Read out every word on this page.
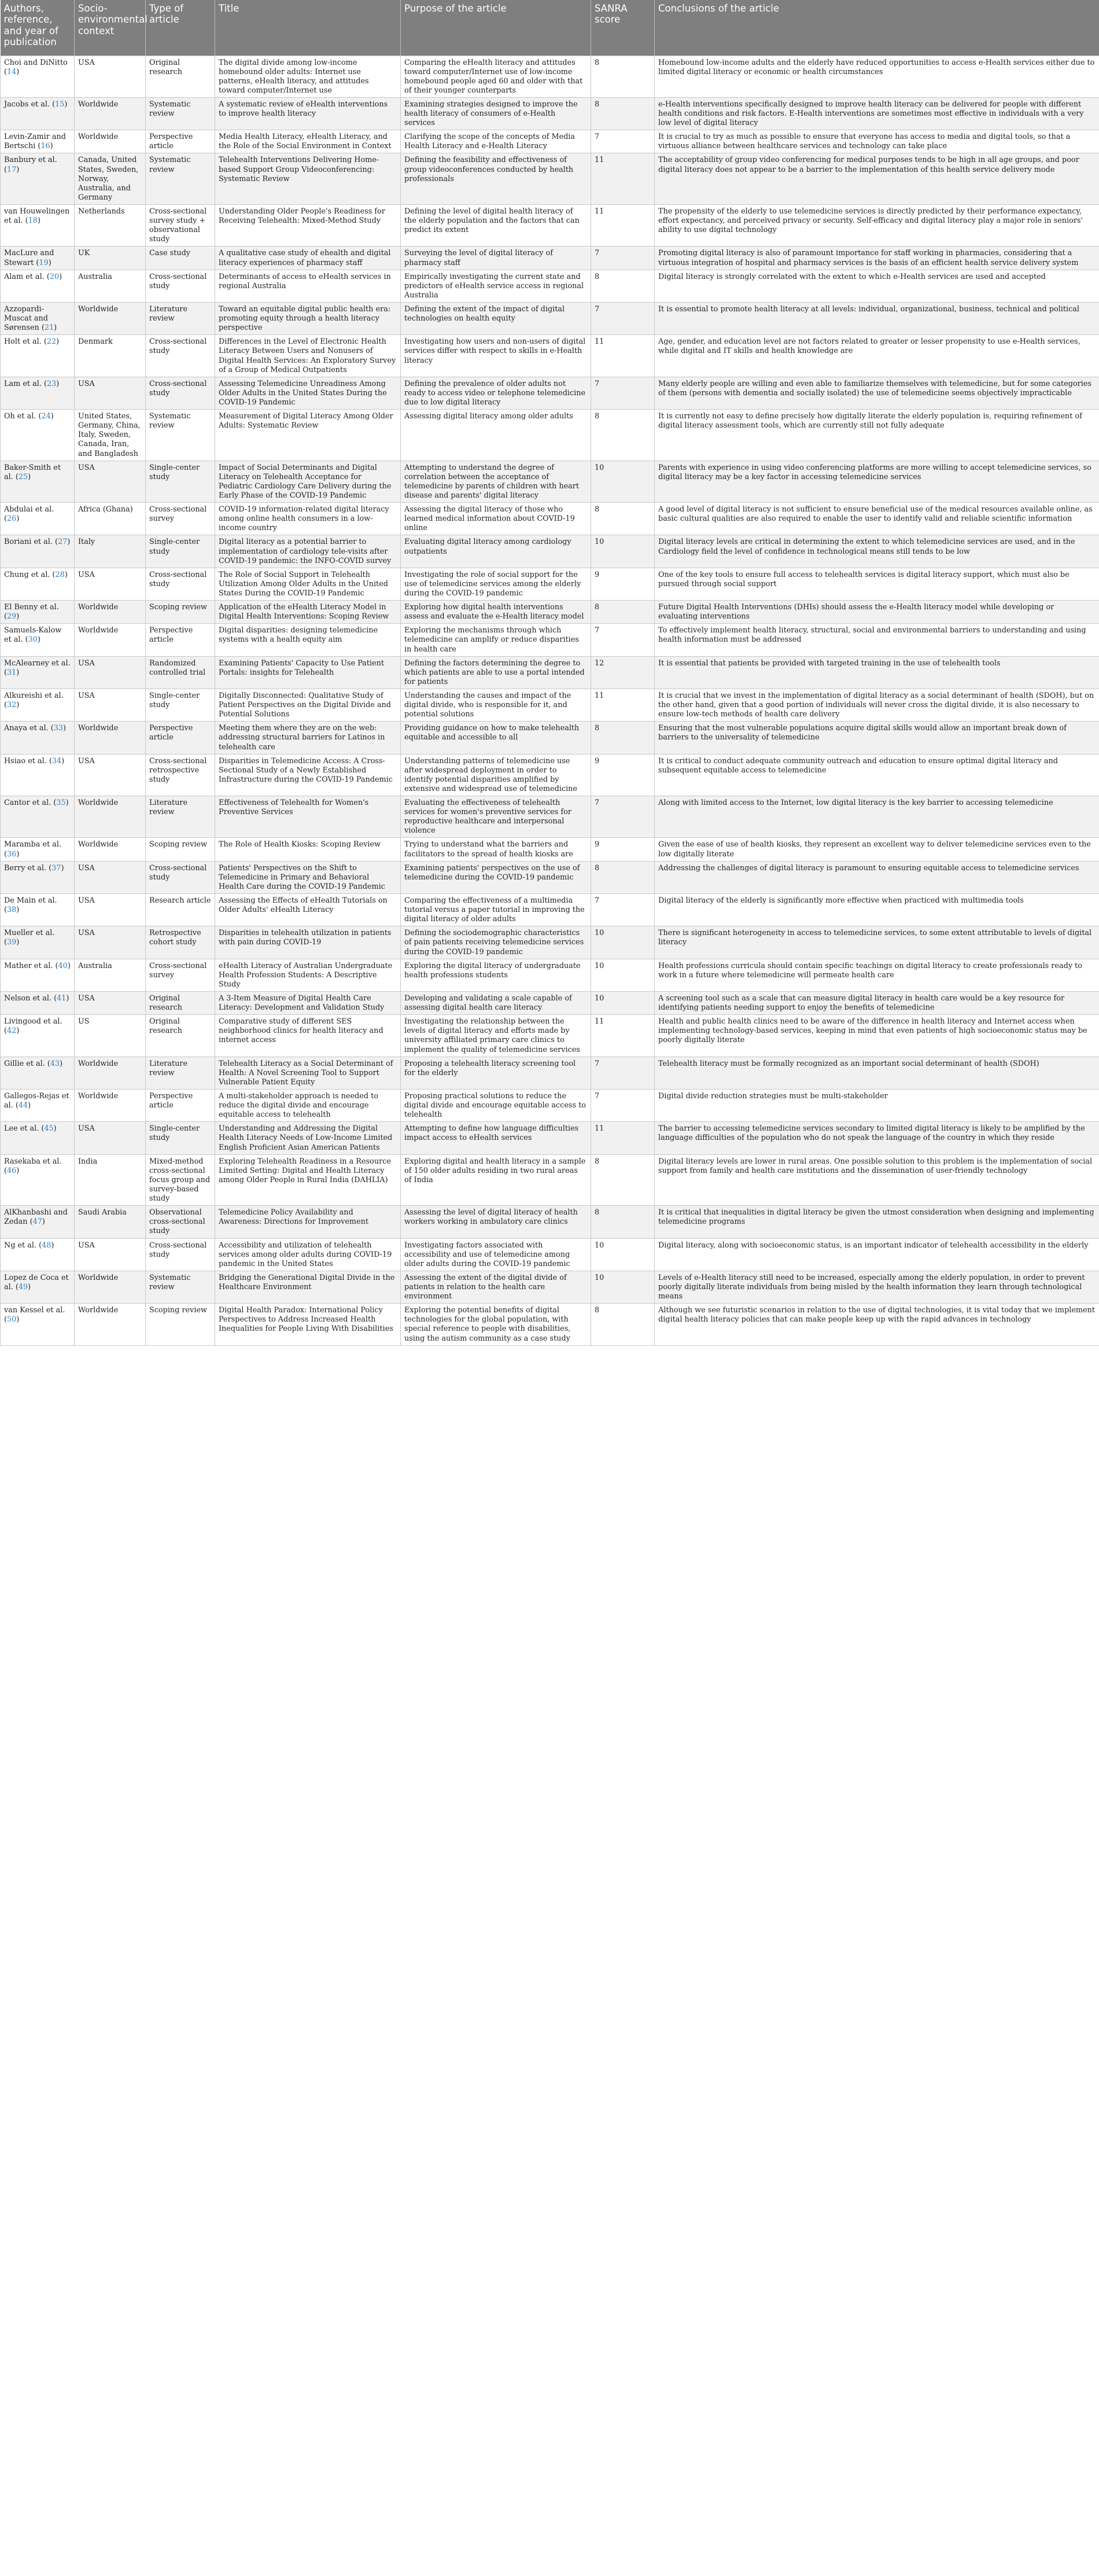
Authors, reference, and year of publication	Socio-environmental context	Type of article	Title	Purpose of the article	SANRA score	Conclusions of the article
Choi and DiNitto (14)	USA	Original research	The digital divide among low-income homebound older adults: Internet use patterns, eHealth literacy, and attitudes toward computer/Internet use	Comparing the eHealth literacy and attitudes toward computer/Internet use of low-income homebound people aged 60 and older with that of their younger counterparts	8	Homebound low-income adults and the elderly have reduced opportunities to access e-Health services either due to limited digital literacy or economic or health circumstances
Jacobs et al. (15)	Worldwide	Systematic review	A systematic review of eHealth interventions to improve health literacy	Examining strategies designed to improve the health literacy of consumers of e-Health services	8	e-Health interventions specifically designed to improve health literacy can be delivered for people with different health conditions and risk factors. E-Health interventions are sometimes most effective in individuals with a very low level of digital literacy
Levin-Zamir and Bertschi (16)	Worldwide	Perspective article	Media Health Literacy, eHealth Literacy, and the Role of the Social Environment in Context	Clarifying the scope of the concepts of Media Health Literacy and e-Health Literacy	7	It is crucial to try as much as possible to ensure that everyone has access to media and digital tools, so that a virtuous alliance between healthcare services and technology can take place
Banbury et al. (17)	Canada, United States, Sweden, Norway, Australia, and Germany	Systematic review	Telehealth Interventions Delivering Home-based Support Group Videoconferencing: Systematic Review	Defining the feasibility and effectiveness of group videoconferences conducted by health professionals	11	The acceptability of group video conferencing for medical purposes tends to be high in all age groups, and poor digital literacy does not appear to be a barrier to the implementation of this health service delivery mode
van Houwelingen et al. (18)	Netherlands	Cross-sectional survey study + observational study	Understanding Older People's Readiness for Receiving Telehealth: Mixed-Method Study	Defining the level of digital health literacy of the elderly population and the factors that can predict its extent	11	The propensity of the elderly to use telemedicine services is directly predicted by their performance expectancy, effort expectancy, and perceived privacy or security. Self-efficacy and digital literacy play a major role in seniors' ability to use digital technology
MacLure and Stewart (19)	UK	Case study	A qualitative case study of ehealth and digital literacy experiences of pharmacy staff	Surveying the level of digital literacy of pharmacy staff	7	Promoting digital literacy is also of paramount importance for staff working in pharmacies, considering that a virtuous integration of hospital and pharmacy services is the basis of an efficient health service delivery system
Alam et al. (20)	Australia	Cross-sectional study	Determinants of access to eHealth services in regional Australia	Empirically investigating the current state and predictors of eHealth service access in regional Australia	8	Digital literacy is strongly correlated with the extent to which e-Health services are used and accepted
Azzopardi-Muscat and Sørensen (21)	Worldwide	Literature review	Toward an equitable digital public health era: promoting equity through a health literacy perspective	Defining the extent of the impact of digital technologies on health equity	7	It is essential to promote health literacy at all levels: individual, organizational, business, technical and political
Holt et al. (22)	Denmark	Cross-sectional study	Differences in the Level of Electronic Health Literacy Between Users and Nonusers of Digital Health Services: An Exploratory Survey of a Group of Medical Outpatients	Investigating how users and non-users of digital services differ with respect to skills in e-Health literacy	11	Age, gender, and education level are not factors related to greater or lesser propensity to use e-Health services, while digital and IT skills and health knowledge are
Lam et al. (23)	USA	Cross-sectional study	Assessing Telemedicine Unreadiness Among Older Adults in the United States During the COVID-19 Pandemic	Defining the prevalence of older adults not ready to access video or telephone telemedicine due to low digital literacy	7	Many elderly people are willing and even able to familiarize themselves with telemedicine, but for some categories of them (persons with dementia and socially isolated) the use of telemedicine seems objectively impracticable
Oh et al. (24)	United States, Germany, China, Italy, Sweden, Canada, Iran, and Bangladesh	Systematic review	Measurement of Digital Literacy Among Older Adults: Systematic Review	Assessing digital literacy among older adults	8	It is currently not easy to define precisely how digitally literate the elderly population is, requiring refinement of digital literacy assessment tools, which are currently still not fully adequate
Baker-Smith et al. (25)	USA	Single-center study	Impact of Social Determinants and Digital Literacy on Telehealth Acceptance for Pediatric Cardiology Care Delivery during the Early Phase of the COVID-19 Pandemic	Attempting to understand the degree of correlation between the acceptance of telemedicine by parents of children with heart disease and parents' digital literacy	10	Parents with experience in using video conferencing platforms are more willing to accept telemedicine services, so digital literacy may be a key factor in accessing telemedicine services
Abdulai et al. (26)	Africa (Ghana)	Cross-sectional survey	COVID-19 information-related digital literacy among online health consumers in a low-income country	Assessing the digital literacy of those who learned medical information about COVID-19 online	8	A good level of digital literacy is not sufficient to ensure beneficial use of the medical resources available online, as basic cultural qualities are also required to enable the user to identify valid and reliable scientific information
Boriani et al. (27)	Italy	Single-center study	Digital literacy as a potential barrier to implementation of cardiology tele-visits after COVID-19 pandemic: the INFO-COVID survey	Evaluating digital literacy among cardiology outpatients	10	Digital literacy levels are critical in determining the extent to which telemedicine services are used, and in the Cardiology field the level of confidence in technological means still tends to be low
Chung et al. (28)	USA	Cross-sectional study	The Role of Social Support in Telehealth Utilization Among Older Adults in the United States During the COVID-19 Pandemic	Investigating the role of social support for the use of telemedicine services among the elderly during the COVID-19 pandemic	9	One of the key tools to ensure full access to telehealth services is digital literacy support, which must also be pursued through social support
El Benny et al. (29)	Worldwide	Scoping review	Application of the eHealth Literacy Model in Digital Health Interventions: Scoping Review	Exploring how digital health interventions assess and evaluate the e-Health literacy model	8	Future Digital Health Interventions (DHIs) should assess the e-Health literacy model while developing or evaluating interventions
Samuels-Kalow et al. (30)	Worldwide	Perspective article	Digital disparities: designing telemedicine systems with a health equity aim	Exploring the mechanisms through which telemedicine can amplify or reduce disparities in health care	7	To effectively implement health literacy, structural, social and environmental barriers to understanding and using health information must be addressed
McAlearney et al. (31)	USA	Randomized controlled trial	Examining Patients' Capacity to Use Patient Portals: insights for Telehealth	Defining the factors determining the degree to which patients are able to use a portal intended for patients	12	It is essential that patients be provided with targeted training in the use of telehealth tools
Alkureishi et al. (32)	USA	Single-center study	Digitally Disconnected: Qualitative Study of Patient Perspectives on the Digital Divide and Potential Solutions	Understanding the causes and impact of the digital divide, who is responsible for it, and potential solutions	11	It is crucial that we invest in the implementation of digital literacy as a social determinant of health (SDOH), but on the other hand, given that a good portion of individuals will never cross the digital divide, it is also necessary to ensure low-tech methods of health care delivery
Anaya et al. (33)	Worldwide	Perspective article	Meeting them where they are on the web: addressing structural barriers for Latinos in telehealth care	Providing guidance on how to make telehealth equitable and accessible to all	8	Ensuring that the most vulnerable populations acquire digital skills would allow an important break down of barriers to the universality of telemedicine
Hsiao et al. (34)	USA	Cross-sectional retrospective study	Disparities in Telemedicine Access: A Cross-Sectional Study of a Newly Established Infrastructure during the COVID-19 Pandemic	Understanding patterns of telemedicine use after widespread deployment in order to identify potential disparities amplified by extensive and widespread use of telemedicine	9	It is critical to conduct adequate community outreach and education to ensure optimal digital literacy and subsequent equitable access to telemedicine
Cantor et al. (35)	Worldwide	Literature review	Effectiveness of Telehealth for Women's Preventive Services	Evaluating the effectiveness of telehealth services for women's preventive services for reproductive healthcare and interpersonal violence	7	Along with limited access to the Internet, low digital literacy is the key barrier to accessing telemedicine
Maramba et al. (36)	Worldwide	Scoping review	The Role of Health Kiosks: Scoping Review	Trying to understand what the barriers and facilitators to the spread of health kiosks are	9	Given the ease of use of health kiosks, they represent an excellent way to deliver telemedicine services even to the low digitally literate
Berry et al. (37)	USA	Cross-sectional study	Patients' Perspectives on the Shift to Telemedicine in Primary and Behavioral Health Care during the COVID-19 Pandemic	Examining patients' perspectives on the use of telemedicine during the COVID-19 pandemic	8	Addressing the challenges of digital literacy is paramount to ensuring equitable access to telemedicine services
De Main et al. (38)	USA	Research article	Assessing the Effects of eHealth Tutorials on Older Adults' eHealth Literacy	Comparing the effectiveness of a multimedia tutorial versus a paper tutorial in improving the digital literacy of older adults	7	Digital literacy of the elderly is significantly more effective when practiced with multimedia tools
Mueller et al. (39)	USA	Retrospective cohort study	Disparities in telehealth utilization in patients with pain during COVID-19	Defining the sociodemographic characteristics of pain patients receiving telemedicine services during the COVID-19 pandemic	10	There is significant heterogeneity in access to telemedicine services, to some extent attributable to levels of digital literacy
Mather et al. (40)	Australia	Cross-sectional survey	eHealth Literacy of Australian Undergraduate Health Profession Students: A Descriptive Study	Exploring the digital literacy of undergraduate health professions students	10	Health professions curricula should contain specific teachings on digital literacy to create professionals ready to work in a future where telemedicine will permeate health care
Nelson et al. (41)	USA	Original research	A 3-Item Measure of Digital Health Care Literacy: Development and Validation Study	Developing and validating a scale capable of assessing digital health care literacy	10	A screening tool such as a scale that can measure digital literacy in health care would be a key resource for identifying patients needing support to enjoy the benefits of telemedicine
Livingood et al. (42)	US	Original research	Comparative study of different SES neighborhood clinics for health literacy and internet access	Investigating the relationship between the levels of digital literacy and efforts made by university affiliated primary care clinics to implement the quality of telemedicine services	11	Health and public health clinics need to be aware of the difference in health literacy and Internet access when implementing technology-based services, keeping in mind that even patients of high socioeconomic status may be poorly digitally literate
Gillie et al. (43)	Worldwide	Literature review	Telehealth Literacy as a Social Determinant of Health: A Novel Screening Tool to Support Vulnerable Patient Equity	Proposing a telehealth literacy screening tool for the elderly	7	Telehealth literacy must be formally recognized as an important social determinant of health (SDOH)
Gallegos-Rejas et al. (44)	Worldwide	Perspective article	A multi-stakeholder approach is needed to reduce the digital divide and encourage equitable access to telehealth	Proposing practical solutions to reduce the digital divide and encourage equitable access to telehealth	7	Digital divide reduction strategies must be multi-stakeholder
Lee et al. (45)	USA	Single-center study	Understanding and Addressing the Digital Health Literacy Needs of Low-Income Limited English Proficient Asian American Patients	Attempting to define how language difficulties impact access to eHealth services	11	The barrier to accessing telemedicine services secondary to limited digital literacy is likely to be amplified by the language difficulties of the population who do not speak the language of the country in which they reside
Rasekaba et al. (46)	India	Mixed-method cross-sectional focus group and survey-based study	Exploring Telehealth Readiness in a Resource Limited Setting: Digital and Health Literacy among Older People in Rural India (DAHLIA)	Exploring digital and health literacy in a sample of 150 older adults residing in two rural areas of India	8	Digital literacy levels are lower in rural areas. One possible solution to this problem is the implementation of social support from family and health care institutions and the dissemination of user-friendly technology
AlKhanbashi and Zedan (47)	Saudi Arabia	Observational cross-sectional study	Telemedicine Policy Availability and Awareness: Directions for Improvement	Assessing the level of digital literacy of health workers working in ambulatory care clinics	8	It is critical that inequalities in digital literacy be given the utmost consideration when designing and implementing telemedicine programs
Ng et al. (48)	USA	Cross-sectional study	Accessibility and utilization of telehealth services among older adults during COVID-19 pandemic in the United States	Investigating factors associated with accessibility and use of telemedicine among older adults during the COVID-19 pandemic	10	Digital literacy, along with socioeconomic status, is an important indicator of telehealth accessibility in the elderly
Lopez de Coca et al. (49)	Worldwide	Systematic review	Bridging the Generational Digital Divide in the Healthcare Environment	Assessing the extent of the digital divide of patients in relation to the health care environment	10	Levels of e-Health literacy still need to be increased, especially among the elderly population, in order to prevent poorly digitally literate individuals from being misled by the health information they learn through technological means
van Kessel et al. (50)	Worldwide	Scoping review	Digital Health Paradox: International Policy Perspectives to Address Increased Health Inequalities for People Living With Disabilities	Exploring the potential benefits of digital technologies for the global population, with special reference to people with disabilities, using the autism community as a case study	8	Although we see futuristic scenarios in relation to the use of digital technologies, it is vital today that we implement digital health literacy policies that can make people keep up with the rapid advances in technology
